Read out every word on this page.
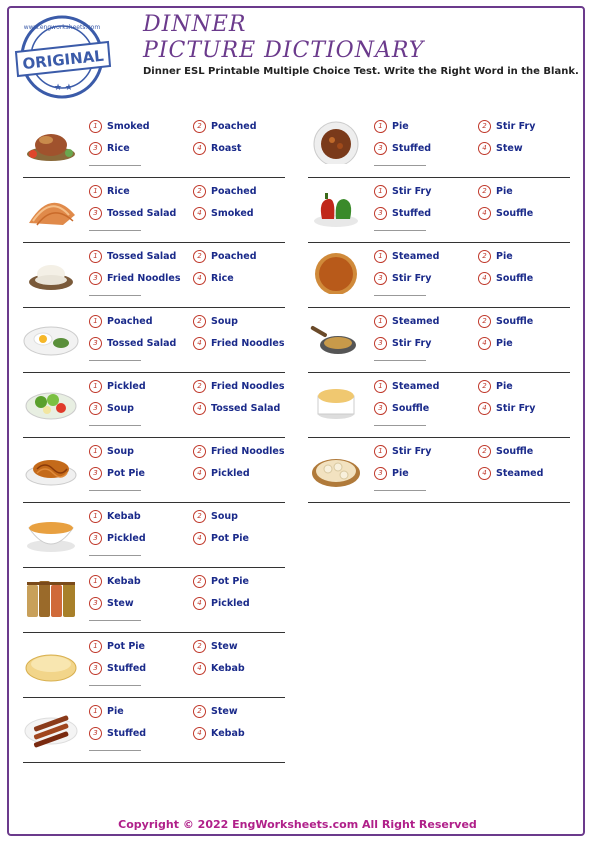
ORIGINAL
www.engworksheets.com
★ ★
DINNER
PICTURE DICTIONARY
Dinner ESL Printable Multiple Choice Test. Write the Right Word in the Blank.
1 Smoked	2 Poached
3 Rice	4 Roast
1 Rice	2 Poached
3 Tossed Salad	4 Smoked
1 Tossed Salad	2 Poached
3 Fried Noodles	4 Rice
1 Poached	2 Soup
3 Tossed Salad	4 Fried Noodles
1 Pickled	2 Fried Noodles
3 Soup	4 Tossed Salad
1 Soup	2 Fried Noodles
3 Pot Pie	4 Pickled
1 Kebab	2 Soup
3 Pickled	4 Pot Pie
1 Kebab	2 Pot Pie
3 Stew	4 Pickled
1 Pot Pie	2 Stew
3 Stuffed	4 Kebab
1 Pie	2 Stew
3 Stuffed	4 Kebab
1 Pie	2 Stir Fry
3 Stuffed	4 Stew
1 Stir Fry	2 Pie
3 Stuffed	4 Souffle
1 Steamed	2 Pie
3 Stir Fry	4 Souffle
1 Steamed	2 Souffle
3 Stir Fry	4 Pie
1 Steamed	2 Pie
3 Souffle	4 Stir Fry
1 Stir Fry	2 Souffle
3 Pie	4 Steamed
Copyright © 2022 EngWorksheets.com All Right Reserved
